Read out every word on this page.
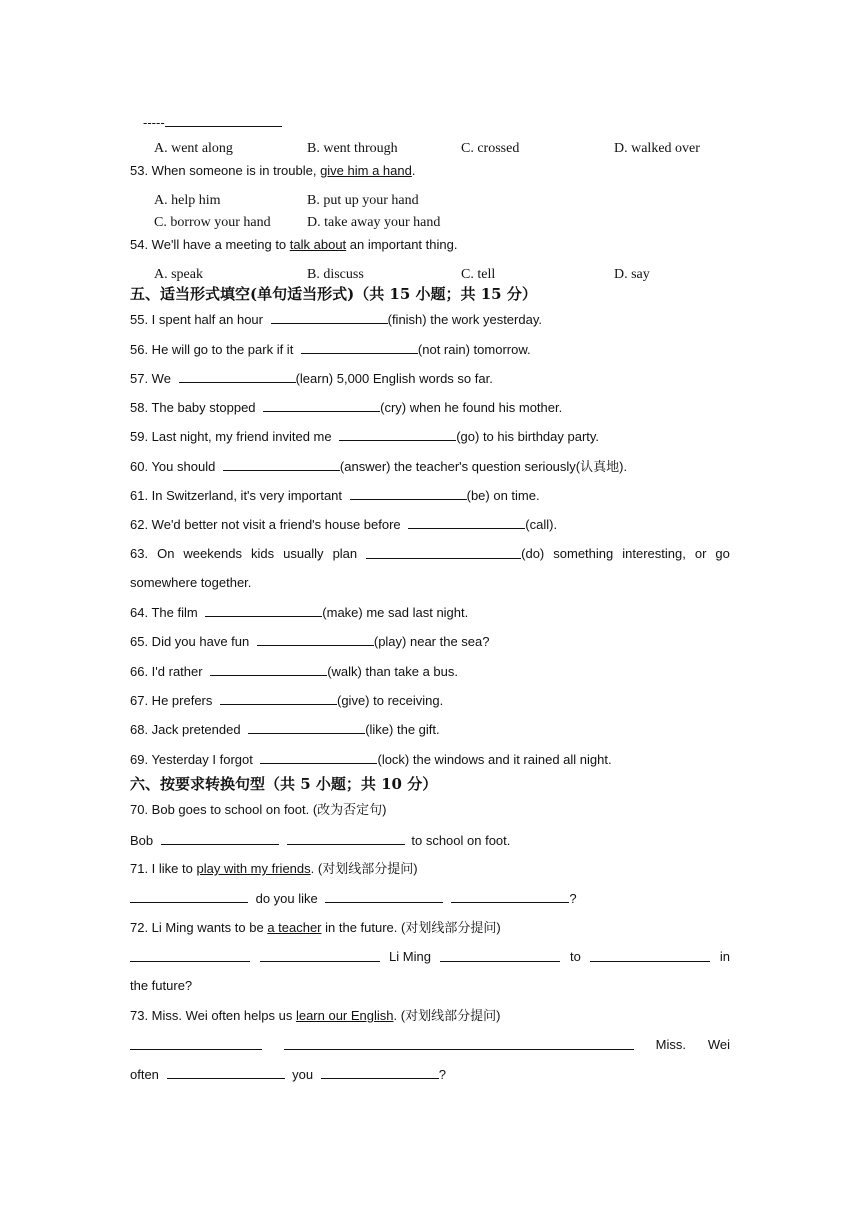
-----
A. went along	B. went through	C. crossed	D. walked over
53. When someone is in trouble, give him a hand.
A. help him	B. put up your hand
C. borrow your hand	D. take away your hand
54. We'll have a meeting to talk about an important thing.
A. speak	B. discuss	C. tell	D. say
五、适当形式填空(单句适当形式)（共 15 小题；共 15 分）
55. I spent half an hour	(finish) the work yesterday.
56. He will go to the park if it	(not rain) tomorrow.
57. We	(learn) 5,000 English words so far.
58. The baby stopped	(cry) when he found his mother.
59. Last night, my friend invited me	(go) to his birthday party.
60. You should	(answer) the teacher's question seriously(认真地).
61. In Switzerland, it's very important	(be) on time.
62. We'd better not visit a friend's house before	(call).
63. On weekends kids usually plan	(do) something interesting, or go
somewhere together.
64. The film	(make) me sad last night.
65. Did you have fun	(play) near the sea?
66. I'd rather	(walk) than take a bus.
67. He prefers	(give) to receiving.
68. Jack pretended	(like) the gift.
69. Yesterday I forgot	(lock) the windows and it rained all night.
六、按要求转换句型（共 5 小题；共 10 分）
70. Bob goes to school on foot. (改为否定句)
Bob	to school on foot.
71. I like to play with my friends. (对划线部分提问)
do you like	?
72. Li Ming wants to be a teacher in the future. (对划线部分提问)
Li Ming	to	in
the future?
73. Miss. Wei often helps us learn our English. (对划线部分提问)
Miss. Wei
often	you	?
